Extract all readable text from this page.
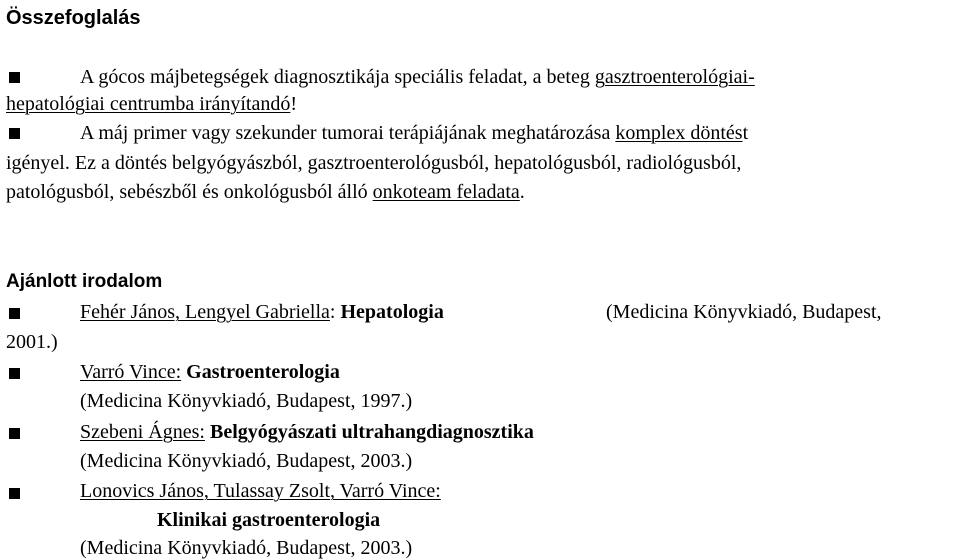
Összefoglalás
A gócos májbetegségek diagnosztikája speciális feladat, a beteg gasztroenterológiai-
hepatológiai centrumba irányítandó!
A máj primer vagy szekunder tumorai terápiájának meghatározása komplex döntést
igényel. Ez a döntés belgyógyászból, gasztroenterológusból, hepatológusból, radiológusból,
patológusból, sebészből és onkológusból álló onkoteam feladata.
Ajánlott irodalom
Fehér János, Lengyel Gabriella: Hepatologia	(Medicina Könyvkiadó, Budapest,
2001.)
Varró Vince: Gastroenterologia
(Medicina Könyvkiadó, Budapest, 1997.)
Szebeni Ágnes: Belgyógyászati ultrahangdiagnosztika
(Medicina Könyvkiadó, Budapest, 2003.)
Lonovics János, Tulassay Zsolt, Varró Vince:
Klinikai gastroenterologia
(Medicina Könyvkiadó, Budapest, 2003.)
